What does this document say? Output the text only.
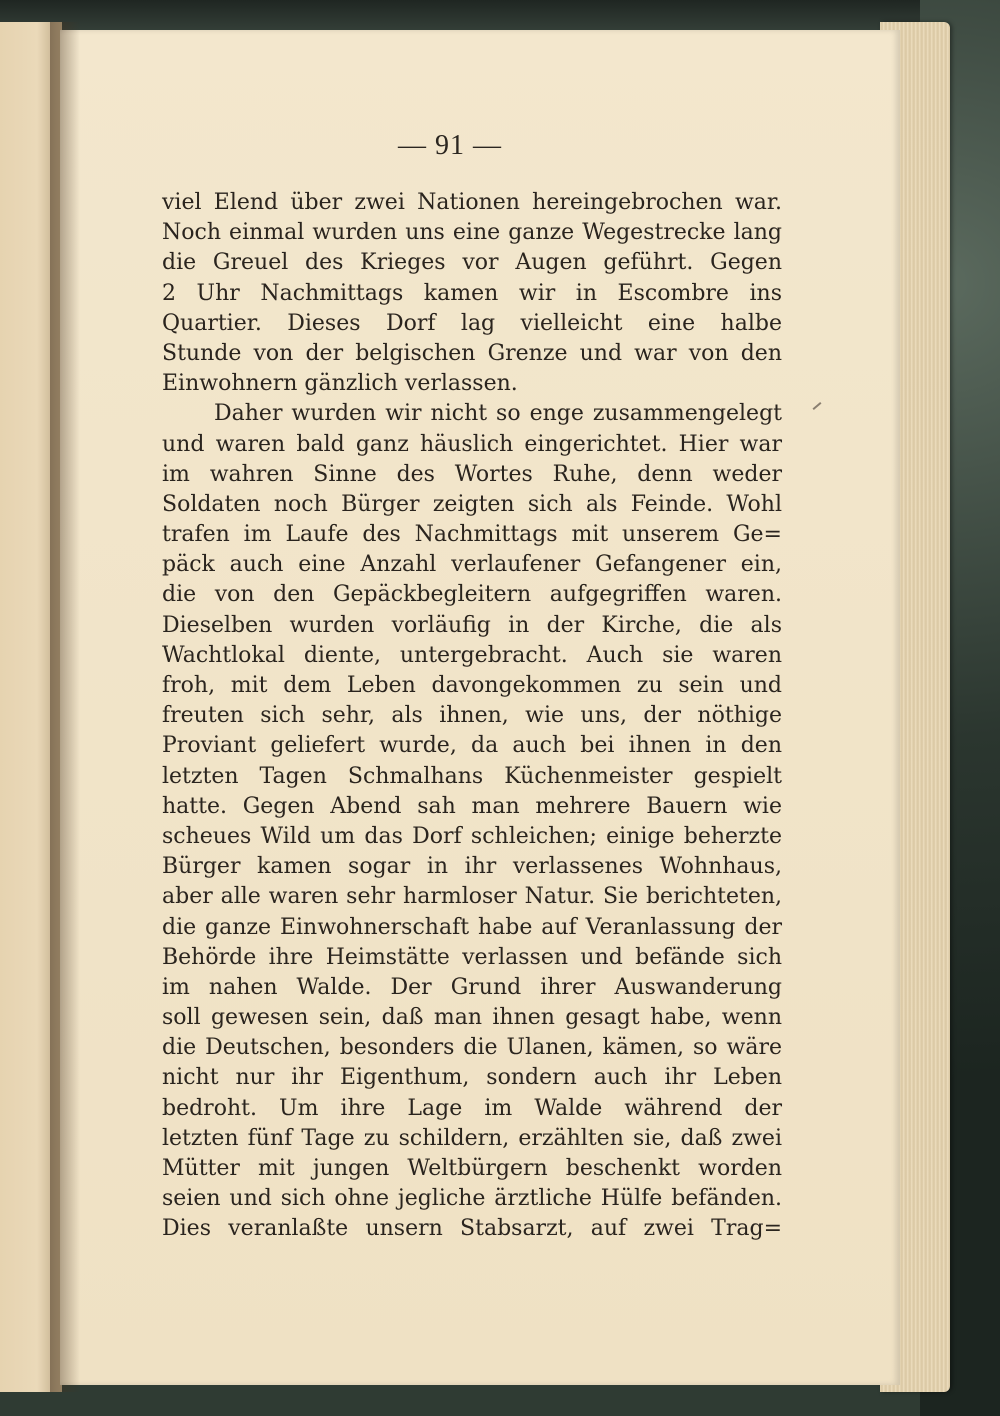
— 91 —
viel Elend über zwei Nationen hereingebrochen war.
Noch einmal wurden uns eine ganze Wegestrecke lang
die Greuel des Krieges vor Augen geführt. Gegen
2 Uhr Nachmittags kamen wir in Escombre ins
Quartier. Dieses Dorf lag vielleicht eine halbe
Stunde von der belgischen Grenze und war von den
Einwohnern gänzlich verlassen.
Daher wurden wir nicht so enge zusammengelegt
und waren bald ganz häuslich eingerichtet. Hier war
im wahren Sinne des Wortes Ruhe, denn weder
Soldaten noch Bürger zeigten sich als Feinde. Wohl
trafen im Laufe des Nachmittags mit unserem Ge=
päck auch eine Anzahl verlaufener Gefangener ein,
die von den Gepäckbegleitern aufgegriffen waren.
Dieselben wurden vorläufig in der Kirche, die als
Wachtlokal diente, untergebracht. Auch sie waren
froh, mit dem Leben davongekommen zu sein und
freuten sich sehr, als ihnen, wie uns, der nöthige
Proviant geliefert wurde, da auch bei ihnen in den
letzten Tagen Schmalhans Küchenmeister gespielt
hatte. Gegen Abend sah man mehrere Bauern wie
scheues Wild um das Dorf schleichen; einige beherzte
Bürger kamen sogar in ihr verlassenes Wohnhaus,
aber alle waren sehr harmloser Natur. Sie berichteten,
die ganze Einwohnerschaft habe auf Veranlassung der
Behörde ihre Heimstätte verlassen und befände sich
im nahen Walde. Der Grund ihrer Auswanderung
soll gewesen sein, daß man ihnen gesagt habe, wenn
die Deutschen, besonders die Ulanen, kämen, so wäre
nicht nur ihr Eigenthum, sondern auch ihr Leben
bedroht. Um ihre Lage im Walde während der
letzten fünf Tage zu schildern, erzählten sie, daß zwei
Mütter mit jungen Weltbürgern beschenkt worden
seien und sich ohne jegliche ärztliche Hülfe befänden.
Dies veranlaßte unsern Stabsarzt, auf zwei Trag=
